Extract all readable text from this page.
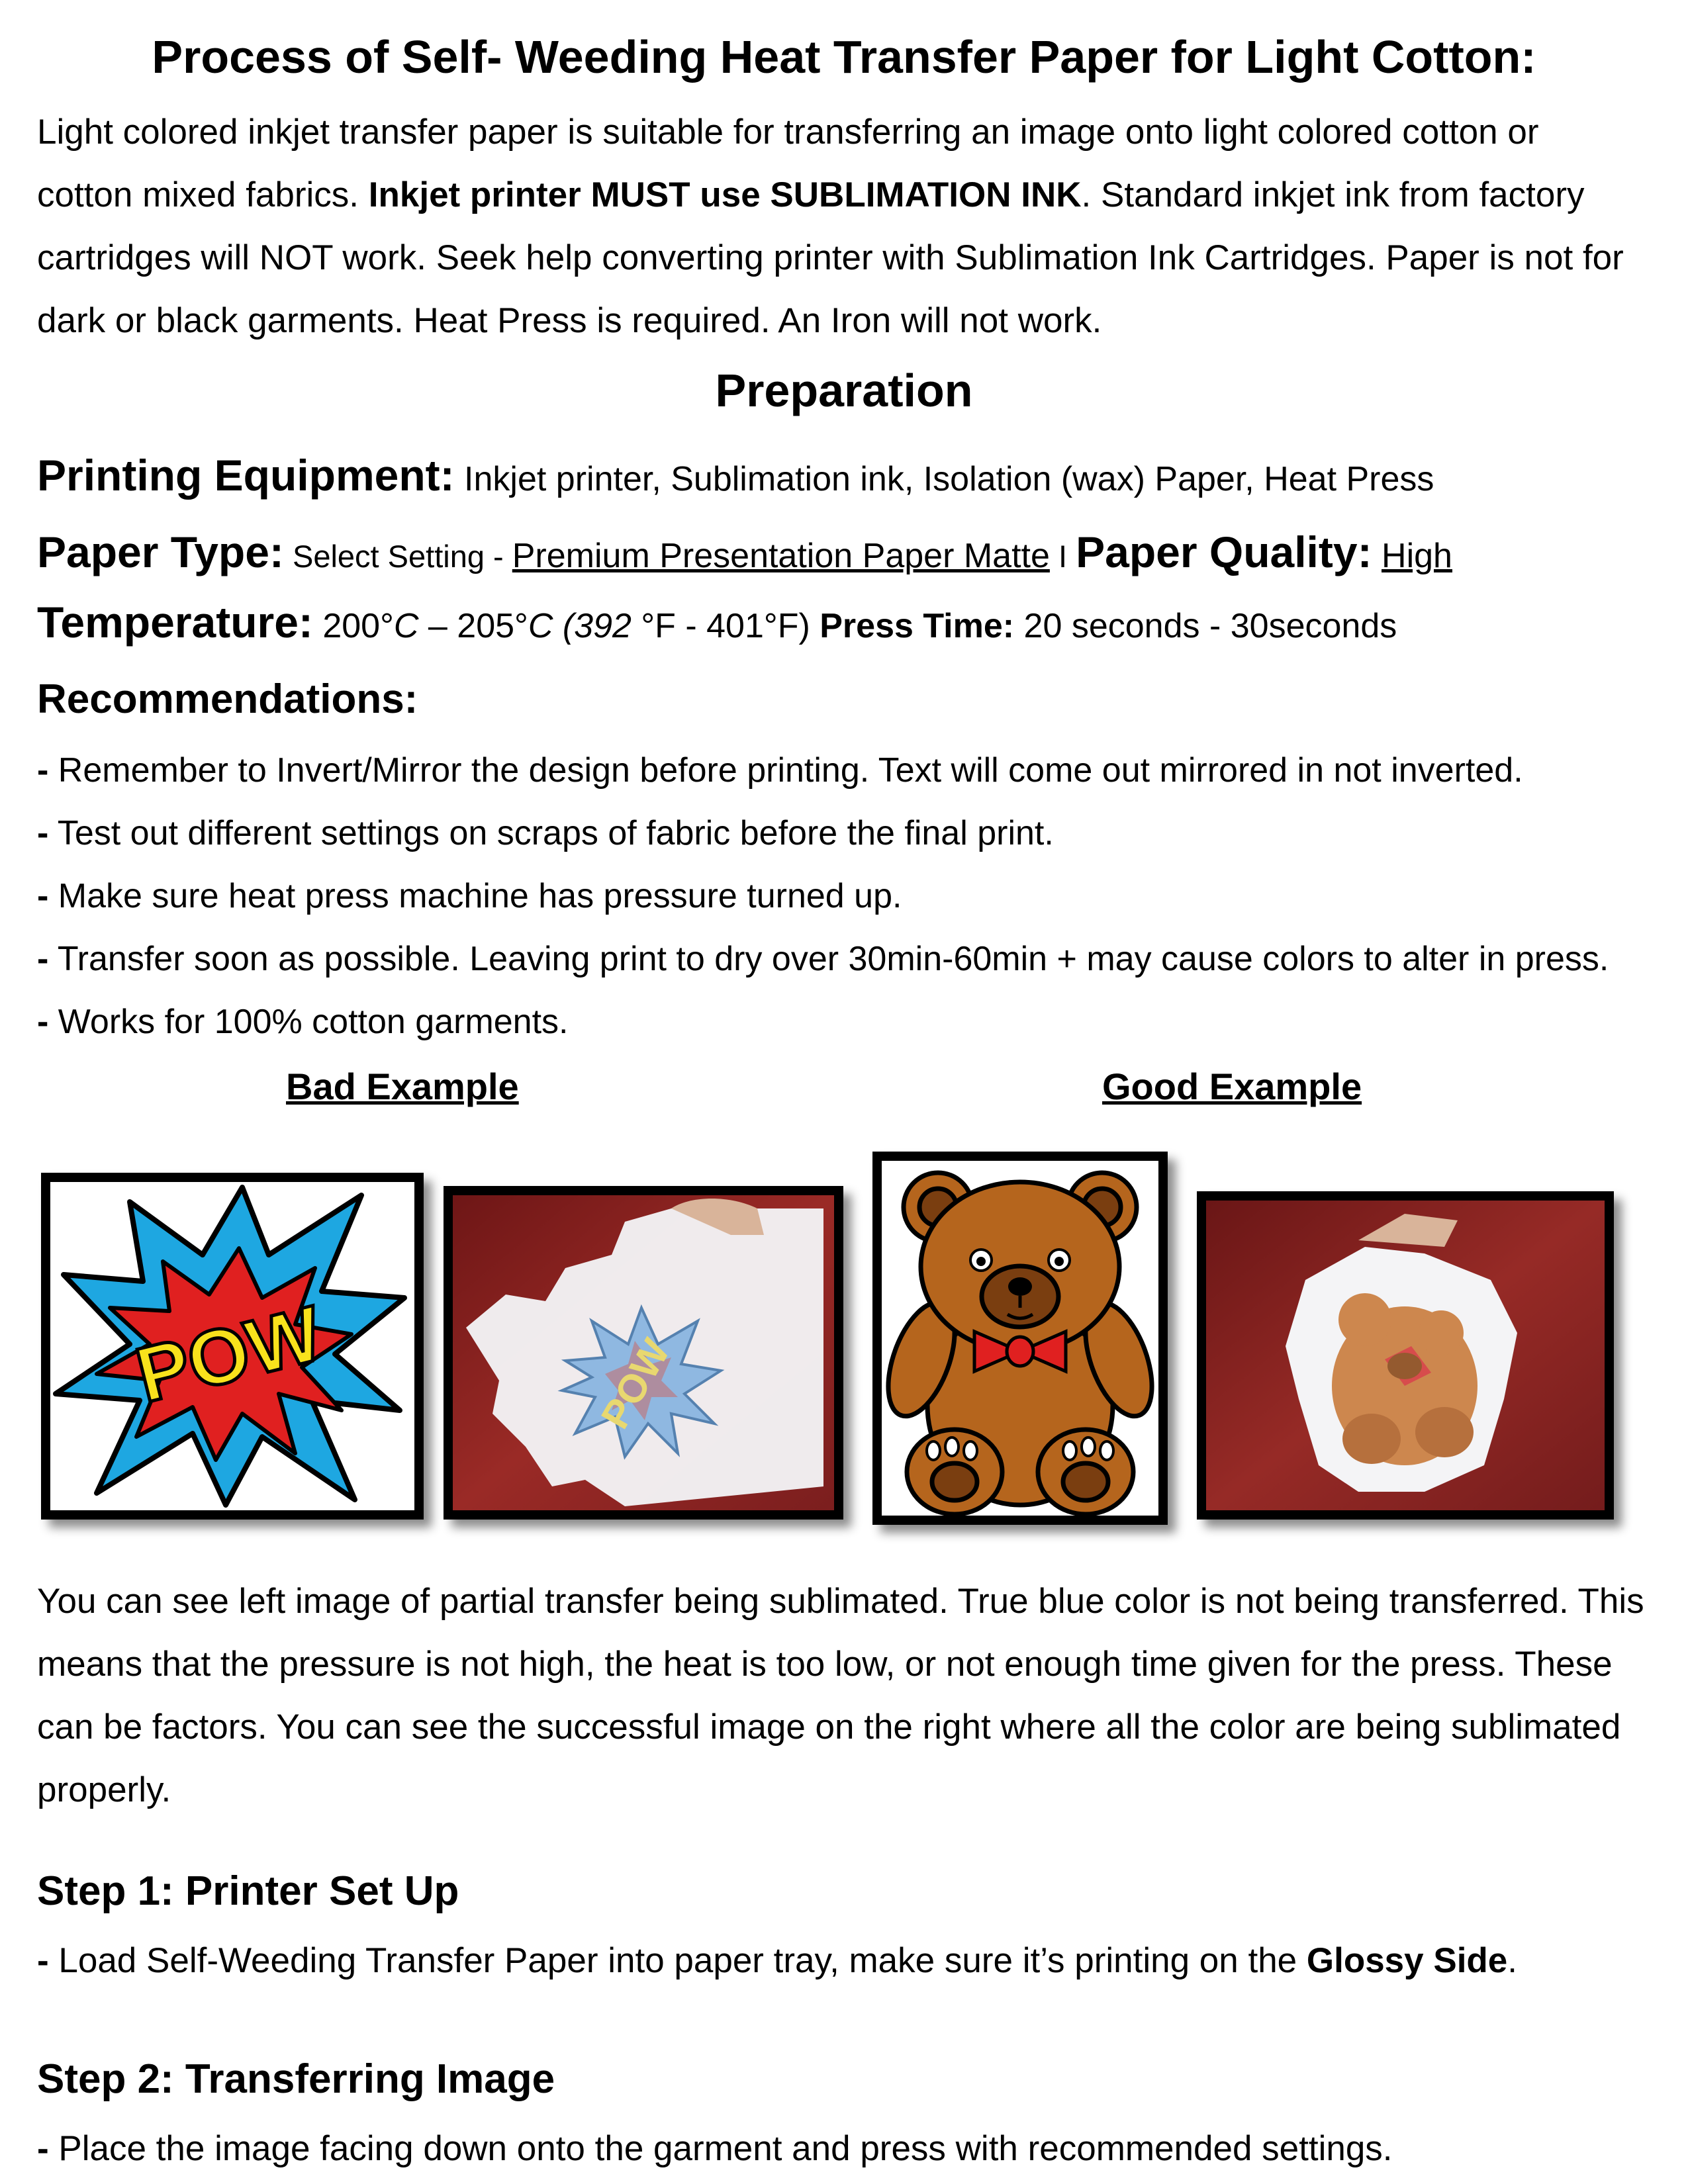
Process of Self- Weeding Heat Transfer Paper for Light Cotton:
Light colored inkjet transfer paper is suitable for transferring an image onto light colored cotton or cotton mixed fabrics. Inkjet printer MUST use SUBLIMATION INK. Standard inkjet ink from factory cartridges will NOT work. Seek help converting printer with Sublimation Ink Cartridges. Paper is not for dark or black garments. Heat Press is required. An Iron will not work.
Preparation
Printing Equipment: Inkjet printer, Sublimation ink, Isolation (wax) Paper, Heat Press
Paper Type: Select Setting - Premium Presentation Paper Matte I Paper Quality: High
Temperature: 200°C – 205°C (392 °F - 401°F) Press Time: 20 seconds - 30seconds
Recommendations:
- Remember to Invert/Mirror the design before printing. Text will come out mirrored in not inverted.
- Test out different settings on scraps of fabric before the final print.
- Make sure heat press machine has pressure turned up.
- Transfer soon as possible. Leaving print to dry over 30min-60min + may cause colors to alter in press.
- Works for 100% cotton garments.
Bad Example	Good Example
POW	POW
You can see left image of partial transfer being sublimated. True blue color is not being transferred. This means that the pressure is not high, the heat is too low, or not enough time given for the press. These can be factors. You can see the successful image on the right where all the color are being sublimated properly.
Step 1: Printer Set Up
- Load Self-Weeding Transfer Paper into paper tray, make sure it’s printing on the Glossy Side.
Step 2: Transferring Image
- Place the image facing down onto the garment and press with recommended settings.
